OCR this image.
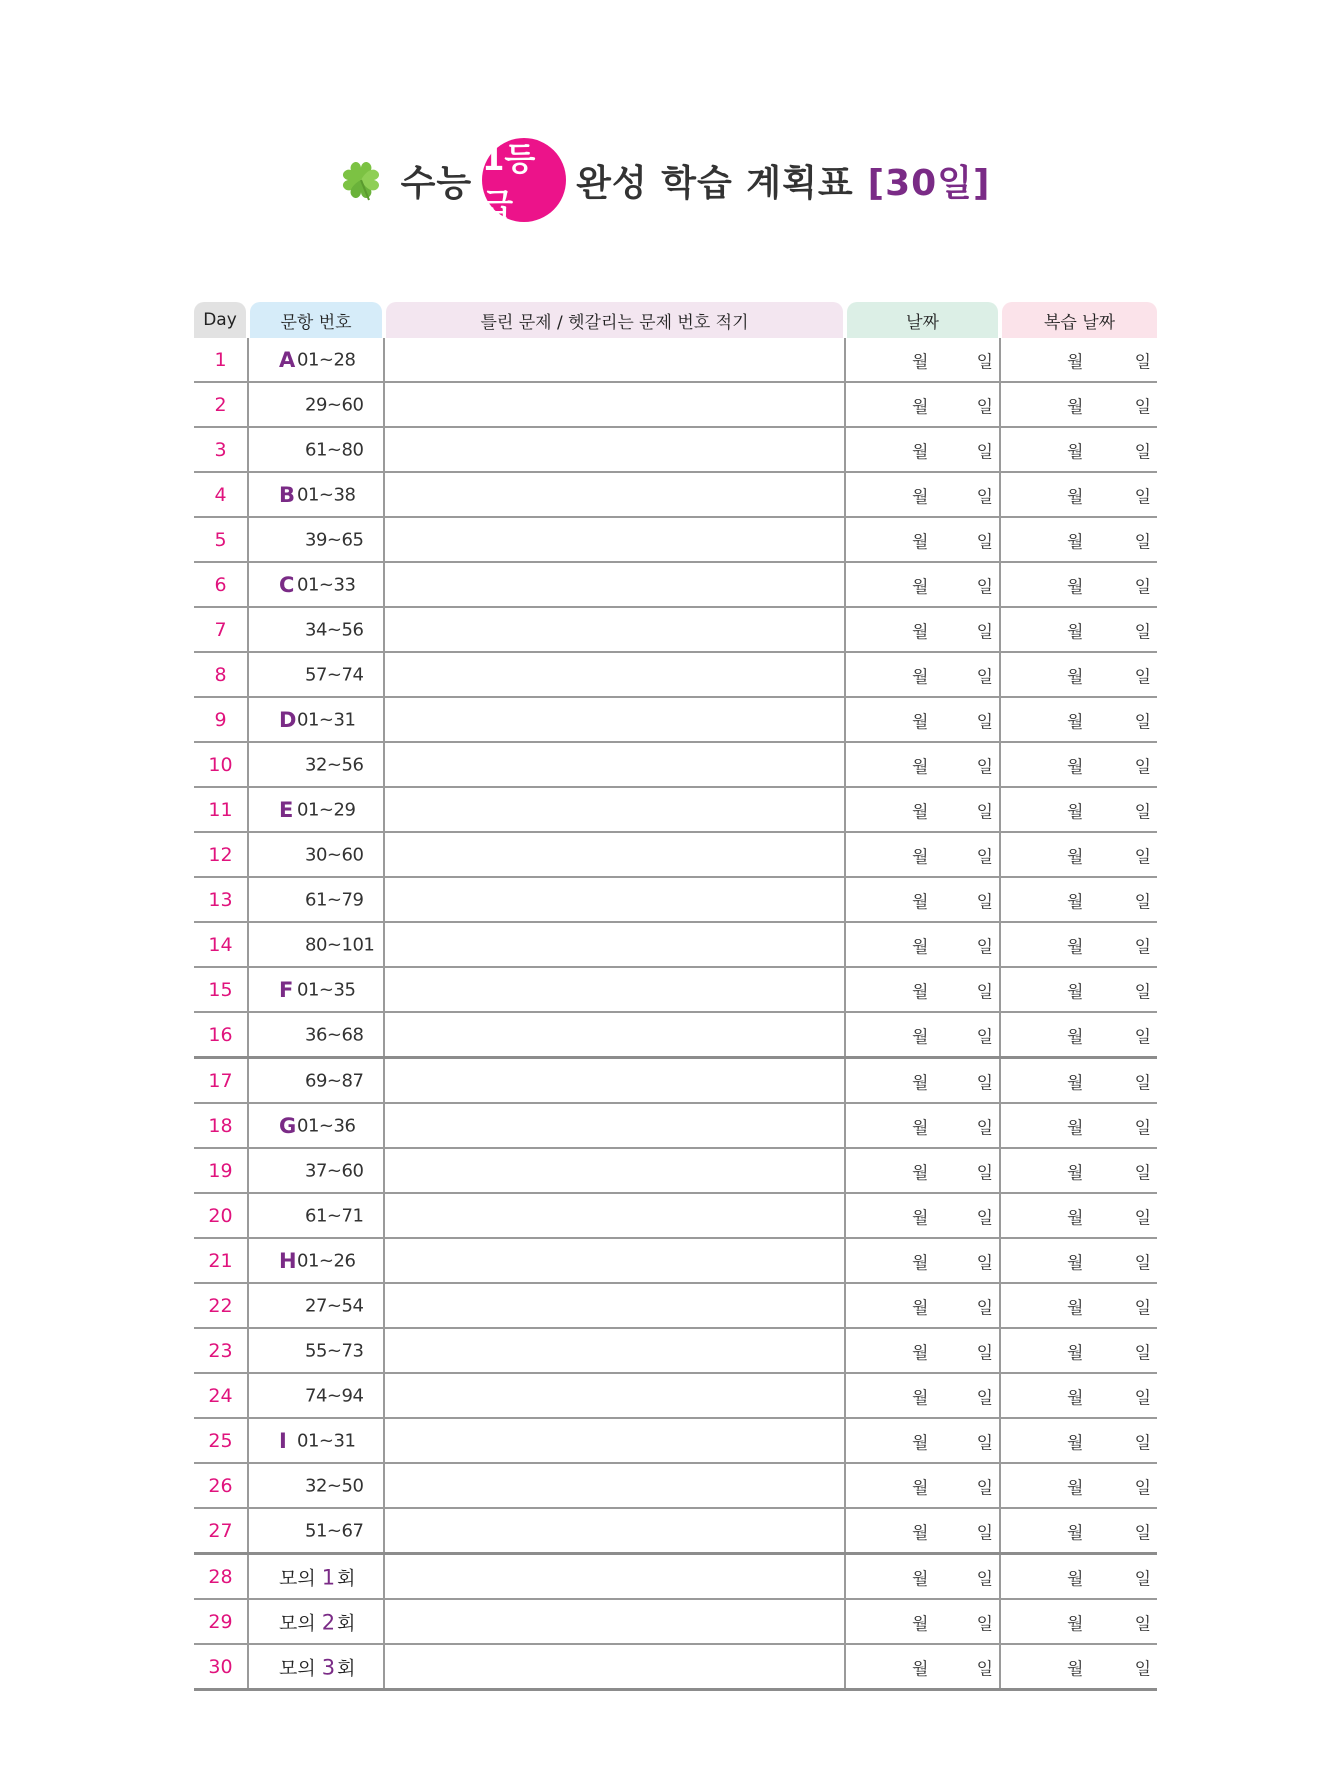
수능
1등급
완성 학습 계획표 [30일]
Day	문항 번호	틀린 문제 / 헷갈리는 문제 번호 적기	날짜	복습 날짜

1	A 01~28		월 일	월 일

2	29~60		월 일	월 일

3	61~80		월 일	월 일

4	B 01~38		월 일	월 일

5	39~65		월 일	월 일

6	C 01~33		월 일	월 일

7	34~56		월 일	월 일

8	57~74		월 일	월 일

9	D 01~31		월 일	월 일

10	32~56		월 일	월 일

11	E 01~29		월 일	월 일

12	30~60		월 일	월 일

13	61~79		월 일	월 일

14	80~101		월 일	월 일

15	F 01~35		월 일	월 일

16	36~68		월 일	월 일

17	69~87		월 일	월 일

18	G 01~36		월 일	월 일

19	37~60		월 일	월 일

20	61~71		월 일	월 일

21	H 01~26		월 일	월 일

22	27~54		월 일	월 일

23	55~73		월 일	월 일

24	74~94		월 일	월 일

25	I 01~31		월 일	월 일

26	32~50		월 일	월 일

27	51~67		월 일	월 일

28	모의 1 회		월 일	월 일

29	모의 2 회		월 일	월 일

30	모의 3 회		월 일	월 일
